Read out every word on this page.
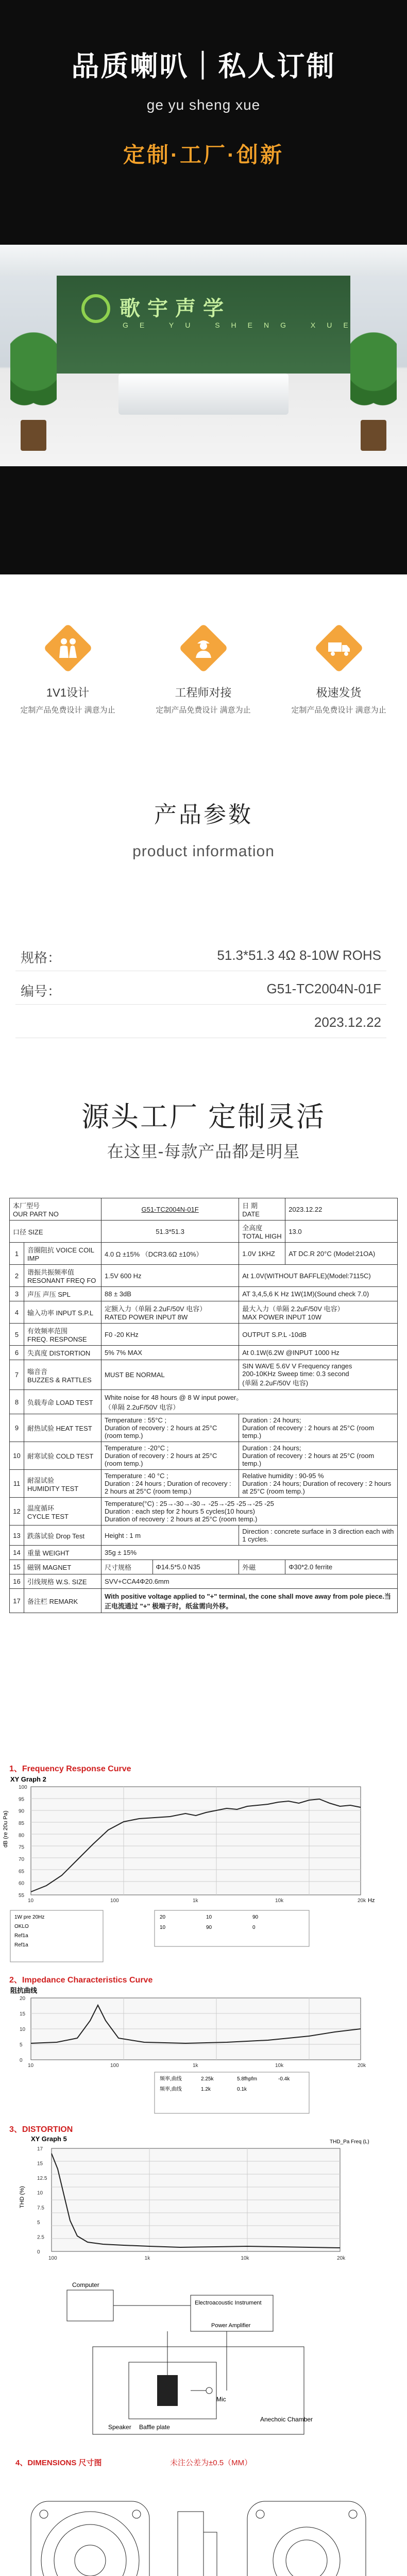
品质喇叭｜私人订制
ge yu sheng xue
定制·工厂·创新
歌宇声学
GE YU SHENG XUE
1V1设计
定制产品免费设计 满意为止
工程师对接
定制产品免费设计 满意为止
极速发货
定制产品免费设计 满意为止
产品参数
product information
规格：	51.3*51.3 4Ω 8-10W ROHS
编号：	G51-TC2004N-01F
2023.12.22
源头工厂 定制灵活
在这里-每款产品都是明星
本厂型号
OUR PART NO		G51-TC2004N-01F		日 期
DATE	2023.12.22
口径 SIZE		51.3*51.3		全高度
TOTAL HIGH	13.0
1	音圈阻抗 VOICE COIL IMP	4.0 Ω ±15% （DCR3.6Ω ±10%）		1.0V 1KHZ	AT DC.R 20°C (Model:21OA)
2	谐振共振频率值
RESONANT FREQ FO	1.5V 600 Hz		At 1.0V(WITHOUT BAFFLE)(Model:7115C)	
3	声压 声压 SPL	88 ± 3dB		AT 3,4,5,6 K Hz 1W(1M)(Sound check 7.0)	
4	输入功率 INPUT S.P.L	定额入力（单隔 2.2uF/50V 电容）
RATED POWER INPUT 8W		最大入力（单隔 2.2uF/50V 电容）
MAX POWER INPUT 10W	
5	有效频率范围
FREQ. RESPONSE	F0 -20 KHz		OUTPUT S.P.L -10dB	
6	失真度 DISTORTION	5% 7% MAX		At 0.1W(6.2W @INPUT 1000 Hz	
7	嗡音音
BUZZES & RATTLES	MUST BE NORMAL		SIN WAVE 5.6V V Frequency ranges
200-10KHz Sweep time: 0.3 second
(单隔 2.2uF/50V 电容)	
8	负载寿命 LOAD TEST	White noise for 48 hours @ 8 W input power。
（单隔 2.2uF/50V 电容）			
9	耐热试验 HEAT TEST	Temperature : 55°C ;
Duration of recovery : 2 hours at 25°C (room temp.)		Duration : 24 hours;
Duration of recovery : 2 hours at 25°C (room temp.)	
10	耐寒试验 COLD TEST	Temperature : -20°C ;
Duration of recovery : 2 hours at 25°C (room temp.)		Duration : 24 hours;
Duration of recovery : 2 hours at 25°C (room temp.)	
11	耐湿试验
HUMIDITY TEST	Temperature : 40 °C ;
Duration : 24 hours ; Duration of recovery : 2 hours at 25°C (room temp.)		Relative humidity : 90-95 %
Duration : 24 hours; Duration of recovery : 2 hours at 25°C (room temp.)	
12	温度循环
CYCLE TEST	Temperature(°C) : 25→-30→-30→ -25→-25 -25→-25 -25
Duration : each step for 2 hours 5 cycles(10 hours)
Duration of recovery : 2 hours at 25°C (room temp.)			
13	跌落试验 Drop Test	Height : 1 m		Direction : concrete surface in 3 direction each with 1 cycles.	
14	重量 WEIGHT	35g ± 15%			
15	磁钢 MAGNET	尺寸规格	Φ14.5*5.0 N35	外磁	Φ30*2.0 ferrite
16	引线规格 W.S. SIZE	SVV+CCA4Φ20.6mm			
17	备注栏 REMARK	With positive voltage applied to "+" terminal, the cone shall move away from pole piece.当正电流通过 "+" 极端子时，纸盆需向外移。			
1、Frequency Response Curve
XY Graph 2
dB (re 20u Pa)
Hz
100
95
90
85
80
75
70
65
60
55
10	100	1k	10k	20k
1W pre 20Hz
OKLO
Ref1a
Ref1a
20	10	90
10	90	0
2、Impedance Characteristics Curve
阻抗曲线
20
15
10
5
0
10	100	1k	10k	20k
频率,曲线	2.25k	5.8fhpfm	-0.4k
频率,曲线	1.2k	0.1k
3、DISTORTION
XY Graph 5	THD_Pa Freq (L)
THD (%)
17
15
12.5
10
7.5
5
2.5
0
100	1k	10k	20k
Computer
Electroacoustic Instrument
Power Amplifier
Speaker
Mic
Baffle plate
Anechoic Chamber
4、DIMENSIONS 尺寸图	未注公差为±0.5（MM）
